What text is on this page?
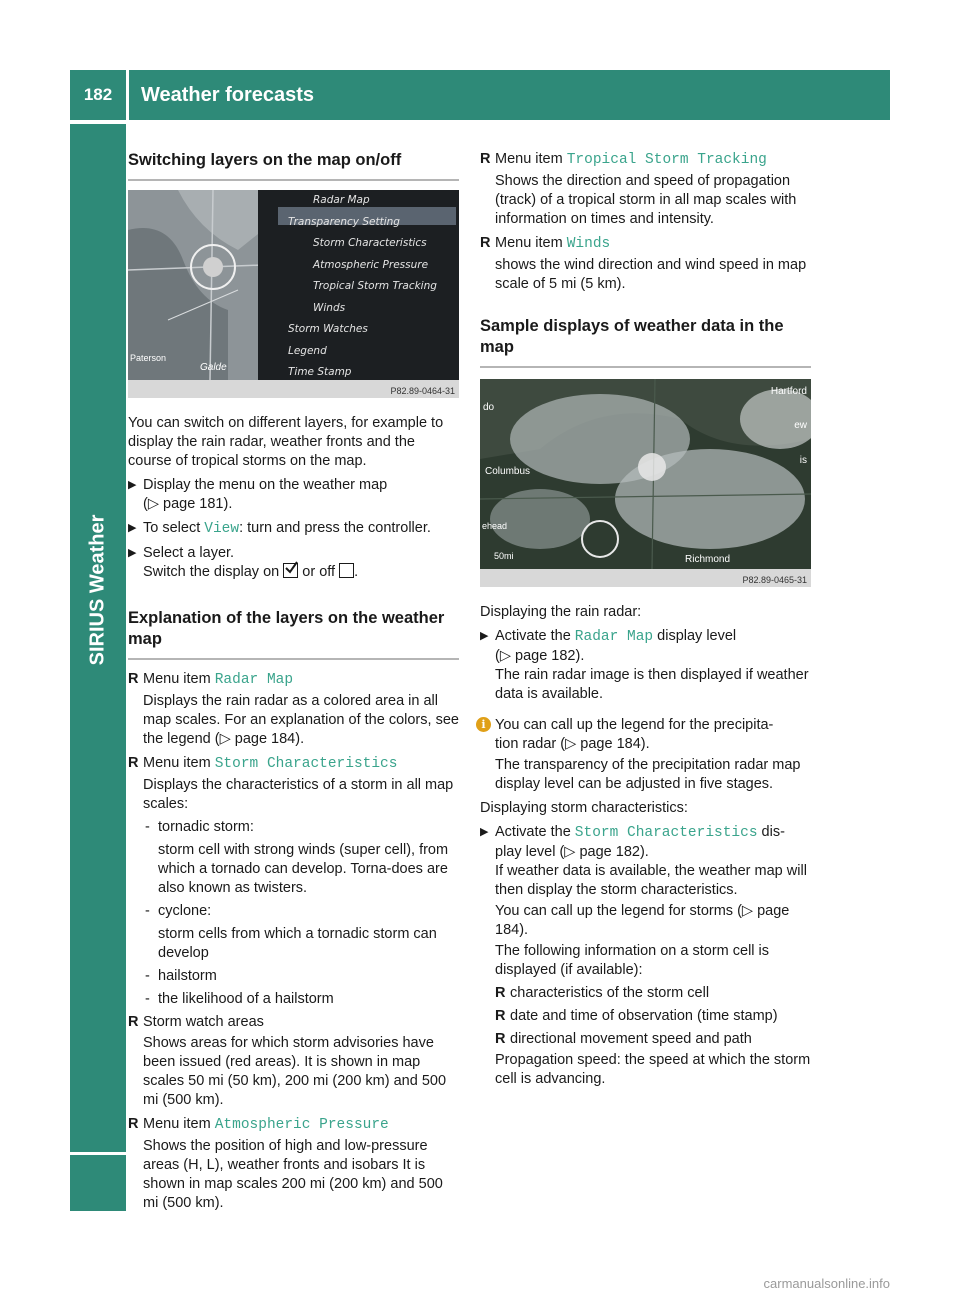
182	Weather forecasts
SIRIUS Weather
Switching layers on the map on/off
Radar Map
Transparency Setting
Storm Characteristics
Atmospheric Pressure
Tropical Storm Tracking
Winds
Storm Watches
Legend
Time Stamp
Paterson
Galde
P82.89-0464-31

You can switch on different layers, for example to display the rain radar, weather fronts and the course of tropical storms on the map.

▶ Display the menu on the weather map
(▷ page 181).
▶ To select View: turn and press the controller.
▶ Select a layer.
Switch the display on
or off .
Explanation of the layers on the weather map
R Menu item Radar Map

Displays the rain radar as a colored area in all map scales. For an explanation of the colors, see the legend (▷ page 184).

R Menu item Storm Characteristics

Displays the characteristics of a storm in all map scales:

- tornadic storm:

storm cell with strong winds (super cell), from which a tornado can develop. Torna-does are also known as twisters.

- cyclone:

storm cells from which a tornadic storm can develop

- hailstorm
- the likelihood of a hailstorm
R Storm watch areas

Shows areas for which storm advisories have been issued (red areas). It is shown in map scales 50 mi (50 km), 200 mi (200 km) and 500 mi (500 km).

R Menu item Atmospheric Pressure

Shows the position of high and low-pressure areas (H, L), weather fronts and isobars It is shown in map scales 200 mi (200 km) and 500 mi (500 km).

R Menu item Tropical Storm Tracking

Shows the direction and speed of propagation (track) of a tropical storm in all map scales with information on times and intensity.

R Menu item Winds

shows the wind direction and wind speed in map scale of 5 mi (5 km).

Sample displays of weather data in the map
Hartford
do
ew
is
Columbus
ehead
Richmond
50mi
P82.89-0465-31

Displaying the rain radar:

▶ Activate the Radar Map display level
(▷ page 182).

The rain radar image is then displayed if weather data is available.

i You can call up the legend for the precipita-
tion radar (▷ page 184).

The transparency of the precipitation radar map display level can be adjusted in five stages.

Displaying storm characteristics:

▶ Activate the Storm Characteristics dis-
play level (▷ page 182).

If weather data is available, the weather map will then display the storm characteristics.

You can call up the legend for storms (▷ page 184).

The following information on a storm cell is displayed (if available):

R characteristics of the storm cell
R date and time of observation (time stamp)
R directional movement speed and path

Propagation speed: the speed at which the storm cell is advancing.

carmanualsonline.info
